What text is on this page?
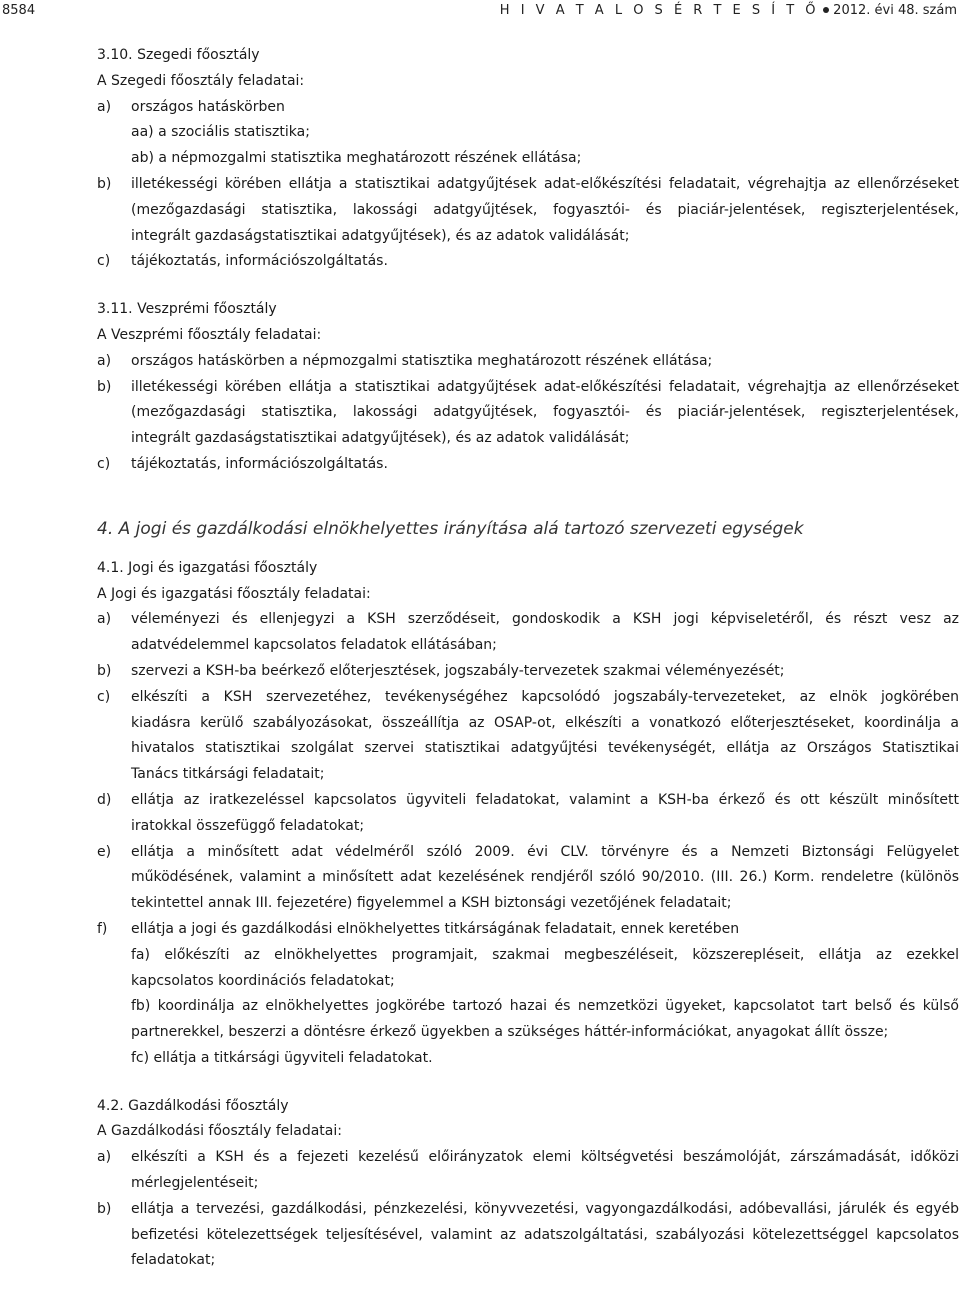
8584	H I V A T A L O S É R T E S Í T Ő 2012. évi 48. szám
3.10. Szegedi főosztály
A Szegedi főosztály feladatai:
a) országos hatáskörben
aa) a szociális statisztika;
ab) a népmozgalmi statisztika meghatározott részének ellátása;
b) illetékességi körében ellátja a statisztikai adatgyűjtések adat-előkészítési feladatait, végrehajtja az ellenőrzéseket
(mezőgazdasági statisztika, lakossági adatgyűjtések, fogyasztói- és piaciár-jelentések, regiszterjelentések,
integrált gazdaságstatisztikai adatgyűjtések), és az adatok validálását;
c) tájékoztatás, információszolgáltatás.
3.11. Veszprémi főosztály
A Veszprémi főosztály feladatai:
a) országos hatáskörben a népmozgalmi statisztika meghatározott részének ellátása;
b) illetékességi körében ellátja a statisztikai adatgyűjtések adat-előkészítési feladatait, végrehajtja az ellenőrzéseket
(mezőgazdasági statisztika, lakossági adatgyűjtések, fogyasztói- és piaciár-jelentések, regiszterjelentések,
integrált gazdaságstatisztikai adatgyűjtések), és az adatok validálását;
c) tájékoztatás, információszolgáltatás.
4. A jogi és gazdálkodási elnökhelyettes irányítása alá tartozó szervezeti egységek
4.1. Jogi és igazgatási főosztály
A Jogi és igazgatási főosztály feladatai:
a) véleményezi és ellenjegyzi a KSH szerződéseit, gondoskodik a KSH jogi képviseletéről, és részt vesz az
adatvédelemmel kapcsolatos feladatok ellátásában;
b) szervezi a KSH-ba beérkező előterjesztések, jogszabály-tervezetek szakmai véleményezését;
c) elkészíti a KSH szervezetéhez, tevékenységéhez kapcsolódó jogszabály-tervezeteket, az elnök jogkörében
kiadásra kerülő szabályozásokat, összeállítja az OSAP-ot, elkészíti a vonatkozó előterjesztéseket, koordinálja a
hivatalos statisztikai szolgálat szervei statisztikai adatgyűjtési tevékenységét, ellátja az Országos Statisztikai
Tanács titkársági feladatait;
d) ellátja az iratkezeléssel kapcsolatos ügyviteli feladatokat, valamint a KSH-ba érkező és ott készült minősített
iratokkal összefüggő feladatokat;
e) ellátja a minősített adat védelméről szóló 2009. évi CLV. törvényre és a Nemzeti Biztonsági Felügyelet
működésének, valamint a minősített adat kezelésének rendjéről szóló 90/2010. (III. 26.) Korm. rendeletre (különös
tekintettel annak III. fejezetére) figyelemmel a KSH biztonsági vezetőjének feladatait;
f) ellátja a jogi és gazdálkodási elnökhelyettes titkárságának feladatait, ennek keretében
fa) előkészíti az elnökhelyettes programjait, szakmai megbeszéléseit, közszerepléseit, ellátja az ezekkel
kapcsolatos koordinációs feladatokat;
fb) koordinálja az elnökhelyettes jogkörébe tartozó hazai és nemzetközi ügyeket, kapcsolatot tart belső és külső
partnerekkel, beszerzi a döntésre érkező ügyekben a szükséges háttér-információkat, anyagokat állít össze;
fc) ellátja a titkársági ügyviteli feladatokat.
4.2. Gazdálkodási főosztály
A Gazdálkodási főosztály feladatai:
a) elkészíti a KSH és a fejezeti kezelésű előirányzatok elemi költségvetési beszámolóját, zárszámadását, időközi
mérlegjelentéseit;
b) ellátja a tervezési, gazdálkodási, pénzkezelési, könyvvezetési, vagyongazdálkodási, adóbevallási, járulék és egyéb
befizetési kötelezettségek teljesítésével, valamint az adatszolgáltatási, szabályozási kötelezettséggel kapcsolatos
feladatokat;
